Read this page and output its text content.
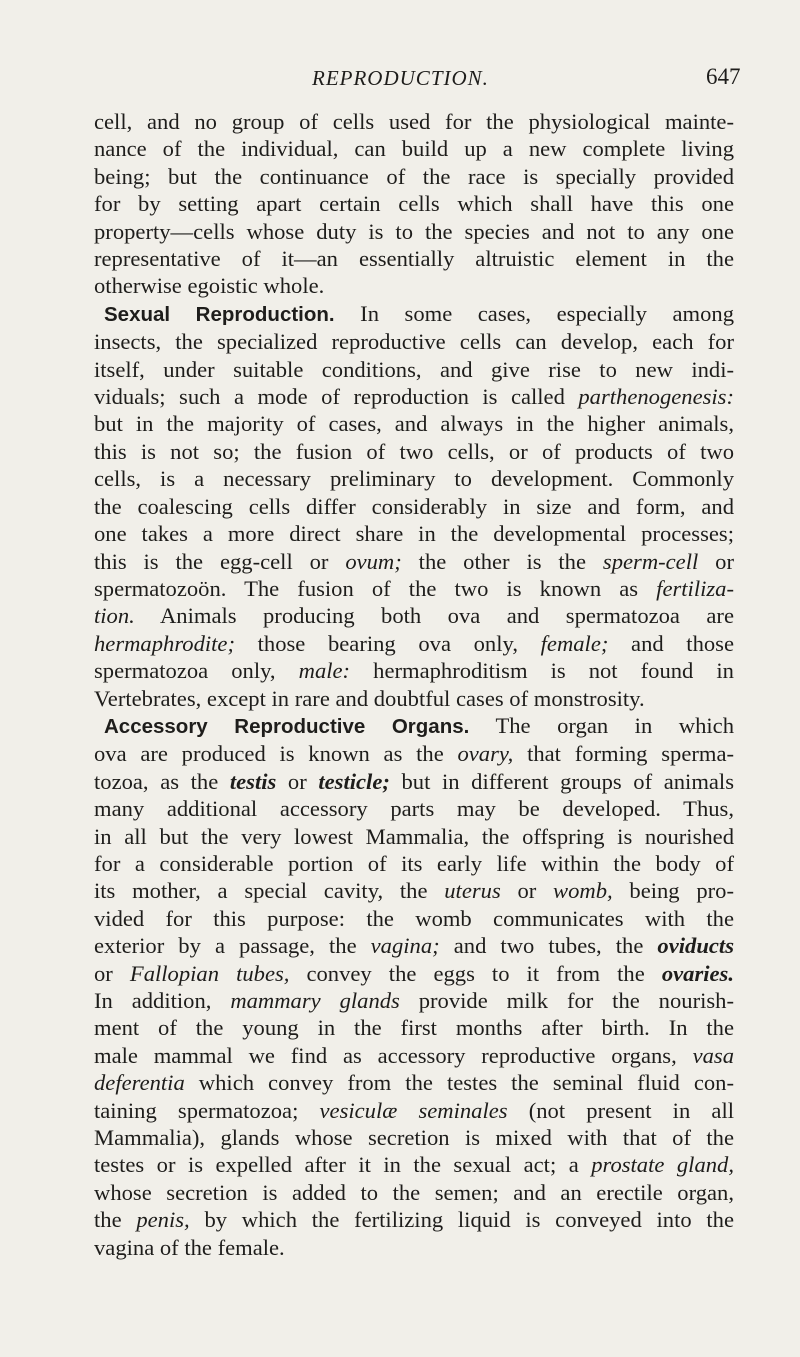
REPRODUCTION.	647
cell, and no group of cells used for the physiological mainte-
nance of the individual, can build up a new complete living
being; but the continuance of the race is specially provided
for by setting apart certain cells which shall have this one
property—cells whose duty is to the species and not to any one
representative of it—an essentially altruistic element in the
otherwise egoistic whole.
Sexual Reproduction. In some cases, especially among
insects, the specialized reproductive cells can develop, each for
itself, under suitable conditions, and give rise to new indi-
viduals; such a mode of reproduction is called parthenogenesis:
but in the majority of cases, and always in the higher animals,
this is not so; the fusion of two cells, or of products of two
cells, is a necessary preliminary to development. Commonly
the coalescing cells differ considerably in size and form, and
one takes a more direct share in the developmental processes;
this is the egg-cell or ovum; the other is the sperm-cell or
spermatozoön. The fusion of the two is known as fertiliza-
tion. Animals producing both ova and spermatozoa are
hermaphrodite; those bearing ova only, female; and those
spermatozoa only, male: hermaphroditism is not found in
Vertebrates, except in rare and doubtful cases of monstrosity.
Accessory Reproductive Organs. The organ in which
ova are produced is known as the ovary, that forming sperma-
tozoa, as the testis or testicle; but in different groups of animals
many additional accessory parts may be developed. Thus,
in all but the very lowest Mammalia, the offspring is nourished
for a considerable portion of its early life within the body of
its mother, a special cavity, the uterus or womb, being pro-
vided for this purpose: the womb communicates with the
exterior by a passage, the vagina; and two tubes, the oviducts
or Fallopian tubes, convey the eggs to it from the ovaries.
In addition, mammary glands provide milk for the nourish-
ment of the young in the first months after birth. In the
male mammal we find as accessory reproductive organs, vasa
deferentia which convey from the testes the seminal fluid con-
taining spermatozoa; vesiculæ seminales (not present in all
Mammalia), glands whose secretion is mixed with that of the
testes or is expelled after it in the sexual act; a prostate gland,
whose secretion is added to the semen; and an erectile organ,
the penis, by which the fertilizing liquid is conveyed into the
vagina of the female.
